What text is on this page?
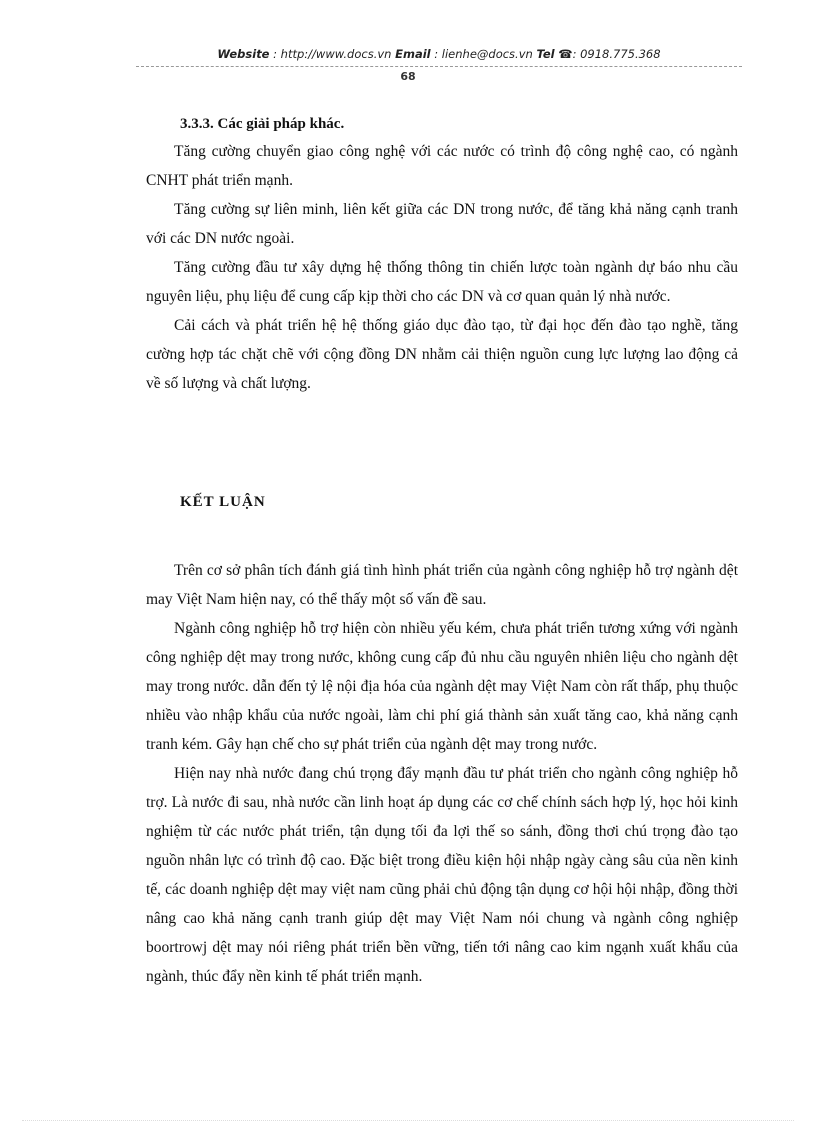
Website : http://www.docs.vn Email : lienhe@docs.vn Tel ☎: 0918.775.368
68
3.3.3. Các giải pháp khác.

Tăng cường chuyển giao công nghệ với các nước có trình độ công nghệ cao, có ngành CNHT phát triển mạnh.

Tăng cường sự liên minh, liên kết giữa các DN trong nước, để tăng khả năng cạnh tranh với các DN nước ngoài.

Tăng cường đầu tư xây dựng hệ thống thông tin chiến lược toàn ngành dự báo nhu cầu nguyên liệu, phụ liệu để cung cấp kịp thời cho các DN và cơ quan quản lý nhà nước.

Cải cách và phát triển hệ hệ thống giáo dục đào tạo, từ đại học đến đào tạo nghề, tăng cường hợp tác chặt chẽ với cộng đồng DN nhằm cải thiện nguồn cung lực lượng lao động cả về số lượng và chất lượng.

KẾT LUẬN

Trên cơ sở phân tích đánh giá tình hình phát triển của ngành công nghiệp hỗ trợ ngành dệt may Việt Nam hiện nay, có thể thấy một số vấn đề sau.

Ngành công nghiệp hỗ trợ hiện còn nhiều yếu kém, chưa phát triển tương xứng với ngành công nghiệp dệt may trong nước, không cung cấp đủ nhu cầu nguyên nhiên liệu cho ngành dệt may trong nước. dẫn đến tỷ lệ nội địa hóa của ngành dệt may Việt Nam còn rất thấp, phụ thuộc nhiều vào nhập khẩu của nước ngoài, làm chi phí giá thành sản xuất tăng cao, khả năng cạnh tranh kém. Gây hạn chế cho sự phát triển của ngành dệt may trong nước.

Hiện nay nhà nước đang chú trọng đẩy mạnh đầu tư phát triển cho ngành công nghiệp hỗ trợ. Là nước đi sau, nhà nước cần linh hoạt áp dụng các cơ chế chính sách hợp lý, học hỏi kinh nghiệm từ các nước phát triển, tận dụng tối đa lợi thế so sánh, đồng thơi chú trọng đào tạo nguồn nhân lực có trình độ cao. Đặc biệt trong điều kiện hội nhập ngày càng sâu của nền kinh tế, các doanh nghiệp dệt may việt nam cũng phải chủ động tận dụng cơ hội hội nhập, đồng thời nâng cao khả năng cạnh tranh giúp dệt may Việt Nam nói chung và ngành công nghiệp boortrowj dệt may nói riêng phát triển bền vững, tiến tới nâng cao kim ngạnh xuất khẩu của ngành, thúc đẩy nền kinh tế phát triển mạnh.
